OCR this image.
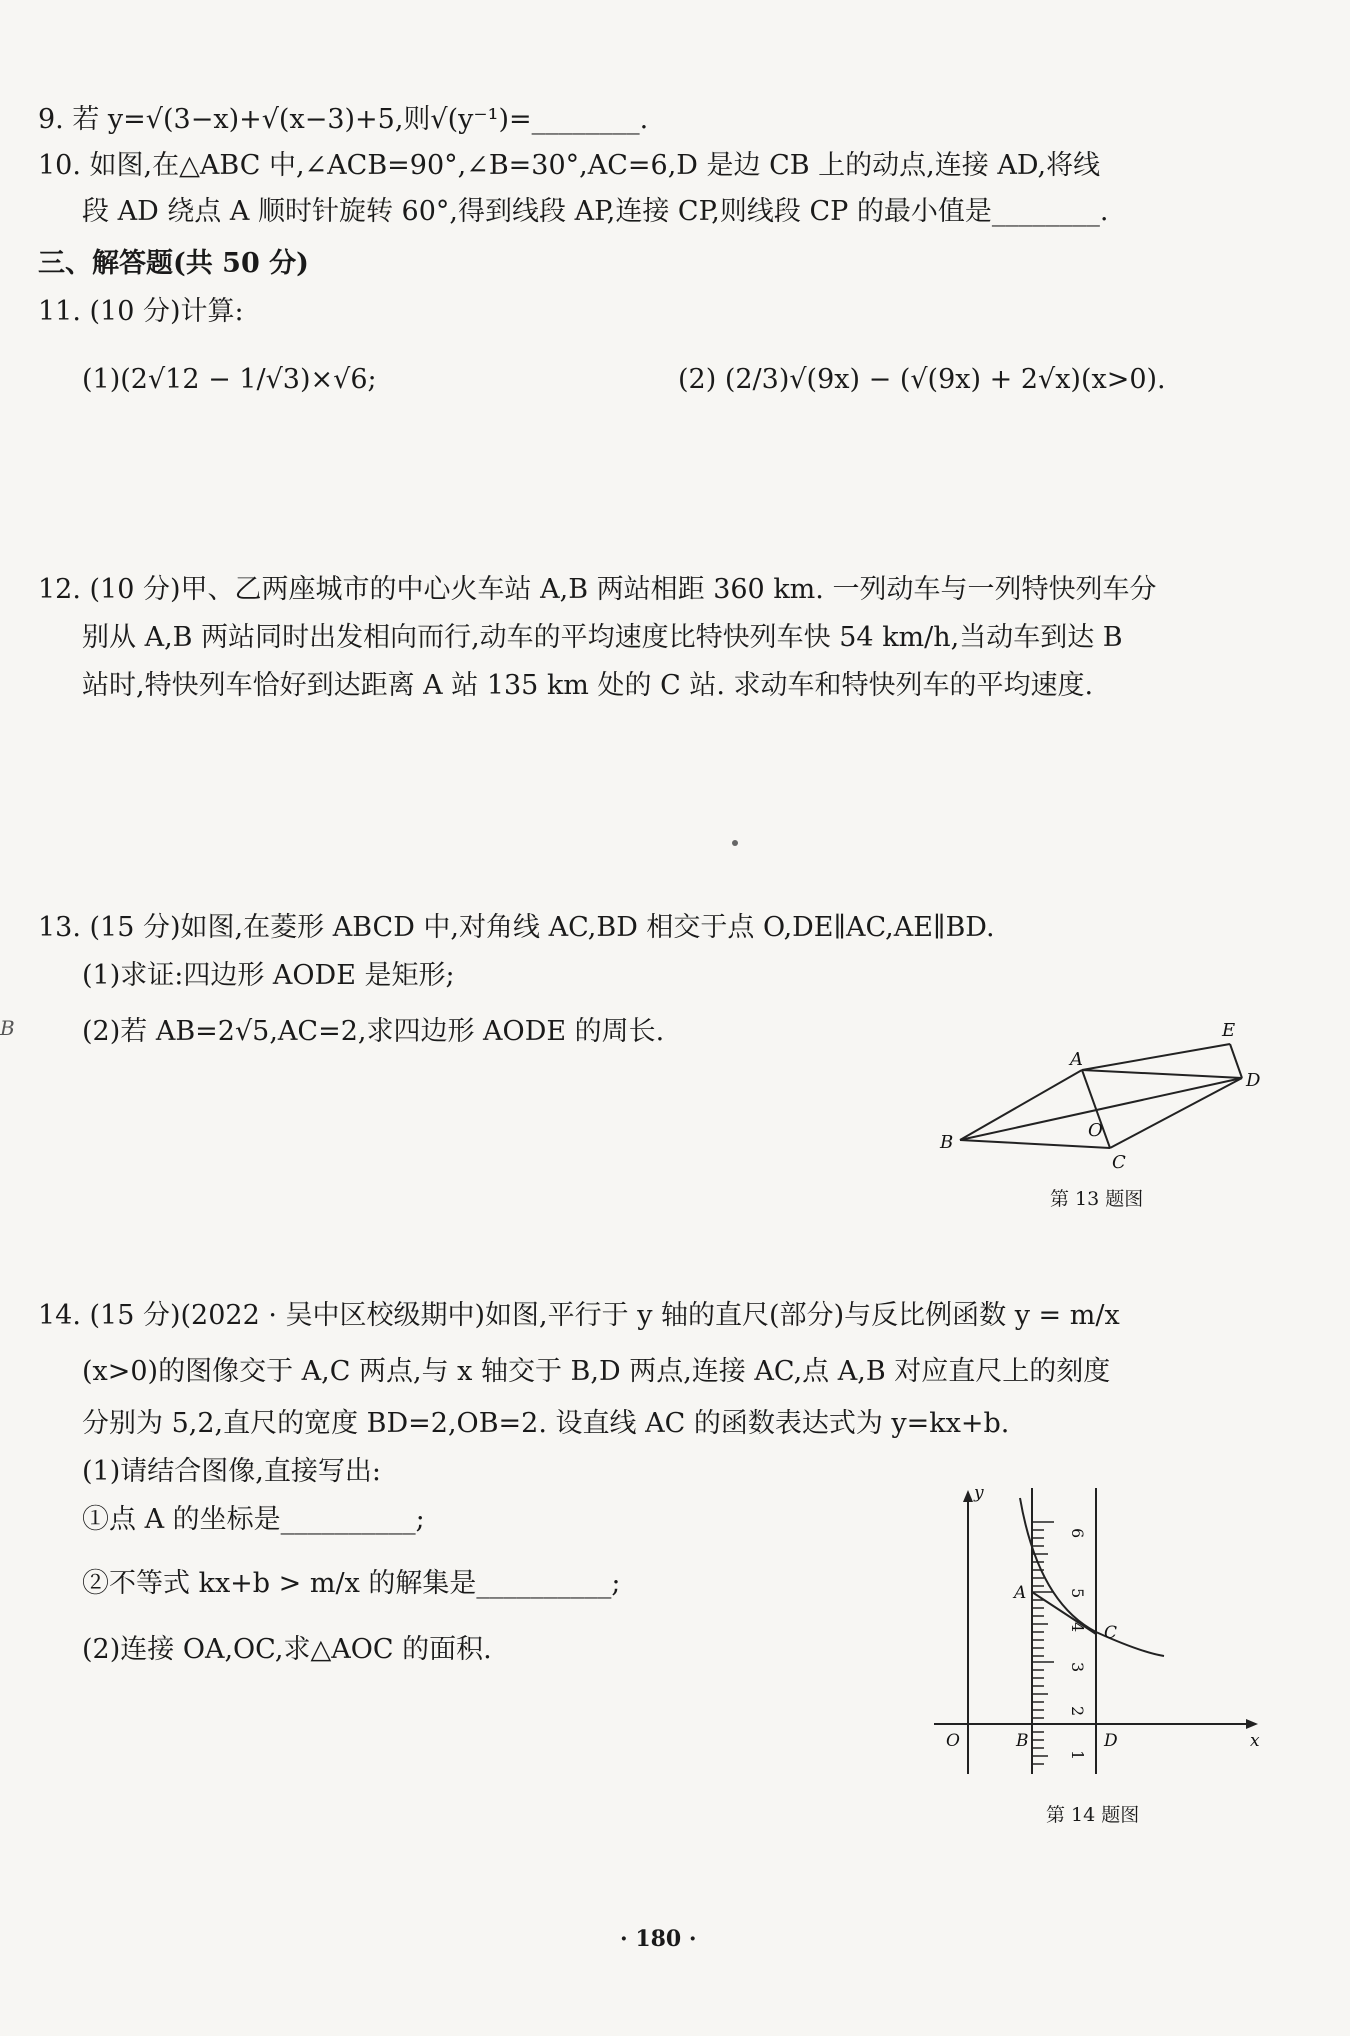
9. 若 y=√(3−x)+√(x−3)+5,则√(y⁻¹)=________.
10. 如图,在△ABC 中,∠ACB=90°,∠B=30°,AC=6,D 是边 CB 上的动点,连接 AD,将线
段 AD 绕点 A 顺时针旋转 60°,得到线段 AP,连接 CP,则线段 CP 的最小值是________.
三、解答题(共 50 分)
11. (10 分)计算:
(1)(2√12 − 1/√3)×√6;	(2) (2/3)√(9x) − (√(9x) + 2√x)(x>0).
12. (10 分)甲、乙两座城市的中心火车站 A,B 两站相距 360 km. 一列动车与一列特快列车分
别从 A,B 两站同时出发相向而行,动车的平均速度比特快列车快 54 km/h,当动车到达 B
站时,特快列车恰好到达距离 A 站 135 km 处的 C 站. 求动车和特快列车的平均速度.
13. (15 分)如图,在菱形 ABCD 中,对角线 AC,BD 相交于点 O,DE∥AC,AE∥BD.
(1)求证:四边形 AODE 是矩形;
B (2)若 AB=2√5,AC=2,求四边形 AODE 的周长.
A
B
C
D
E
O
第 13 题图
14. (15 分)(2022 · 吴中区校级期中)如图,平行于 y 轴的直尺(部分)与反比例函数 y = m/x
(x>0)的图像交于 A,C 两点,与 x 轴交于 B,D 两点,连接 AC,点 A,B 对应直尺上的刻度
分别为 5,2,直尺的宽度 BD=2,OB=2. 设直线 AC 的函数表达式为 y=kx+b.
(1)请结合图像,直接写出:
①点 A 的坐标是__________;
②不等式 kx+b > m/x 的解集是__________;
(2)连接 OA,OC,求△AOC 的面积.
6
5
4
3
2
1
y
x
O
A
B
C
D
第 14 题图
· 180 ·
